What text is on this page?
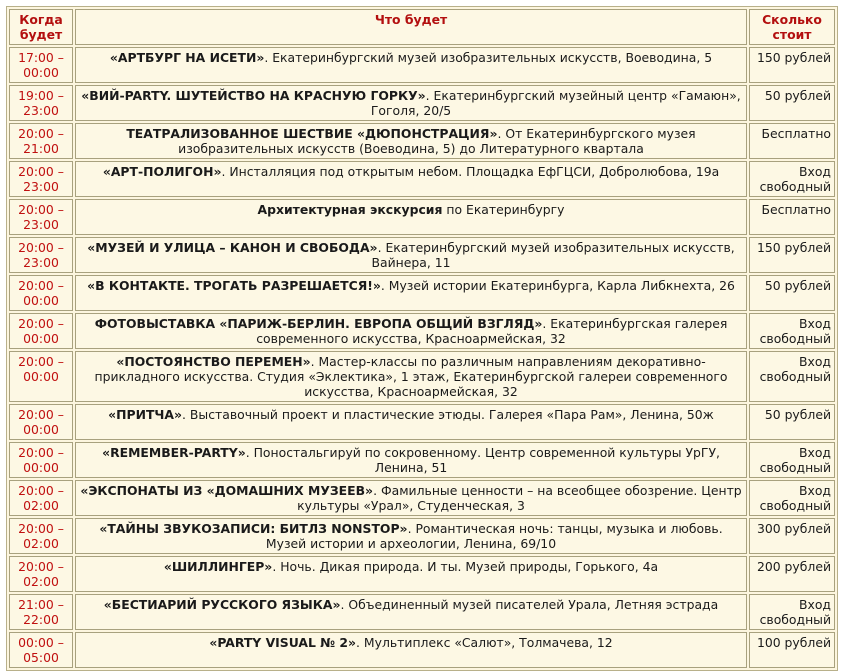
Когда будет	Что будет	Сколько стоит
17:00 – 00:00	«АРТБУРГ НА ИСЕТИ». Екатеринбургский музей изобразительных искусств, Воеводина, 5	150 рублей
19:00 – 23:00	«ВИЙ-PARTY. ШУТЕЙСТВО НА КРАСНУЮ ГОРКУ». Екатеринбургский музейный центр «Гамаюн», Гоголя, 20/5	50 рублей
20:00 – 21:00	ТЕАТРАЛИЗОВАННОЕ ШЕСТВИЕ «ДЮПОНСТРАЦИЯ». От Екатеринбургского музея изобразительных искусств (Воеводина, 5) до Литературного квартала	Бесплатно
20:00 – 23:00	«АРТ-ПОЛИГОН». Инсталляция под открытым небом. Площадка ЕфГЦСИ, Добролюбова, 19а	Вход свободный
20:00 – 23:00	Архитектурная экскурсия по Екатеринбургу	Бесплатно
20:00 – 23:00	«МУЗЕЙ И УЛИЦА – КАНОН И СВОБОДА». Екатеринбургский музей изобразительных искусств, Вайнера, 11	150 рублей
20:00 – 00:00	«В КОНТАКТЕ. ТРОГАТЬ РАЗРЕШАЕТСЯ!». Музей истории Екатеринбурга, Карла Либкнехта, 26	50 рублей
20:00 – 00:00	ФОТОВЫСТАВКА «ПАРИЖ-БЕРЛИН. ЕВРОПА ОБЩИЙ ВЗГЛЯД». Екатеринбургская галерея современного искусства, Красноармейская, 32	Вход свободный
20:00 – 00:00	«ПОСТОЯНСТВО ПЕРЕМЕН». Мастер-классы по различным направлениям декоративно-прикладного искусства. Студия «Эклектика», 1 этаж, Екатеринбургской галереи современного искусства, Красноармейская, 32	Вход свободный
20:00 – 00:00	«ПРИТЧА». Выставочный проект и пластические этюды. Галерея «Пара Рам», Ленина, 50ж	50 рублей
20:00 – 00:00	«REMEMBER-PARTY». Поностальгируй по сокровенному. Центр современной культуры УрГУ, Ленина, 51	Вход свободный
20:00 – 02:00	«ЭКСПОНАТЫ ИЗ «ДОМАШНИХ МУЗЕЕВ». Фамильные ценности – на всеобщее обозрение. Центр культуры «Урал», Студенческая, 3	Вход свободный
20:00 – 02:00	«ТАЙНЫ ЗВУКОЗАПИСИ: БИТЛЗ NONSTOP». Романтическая ночь: танцы, музыка и любовь. Музей истории и археологии, Ленина, 69/10	300 рублей
20:00 – 02:00	«ШИЛЛИНГЕР». Ночь. Дикая природа. И ты. Музей природы, Горького, 4а	200 рублей
21:00 – 22:00	«БЕСТИАРИЙ РУССКОГО ЯЗЫКА». Объединенный музей писателей Урала, Летняя эстрада	Вход свободный
00:00 – 05:00	«PARTY VISUAL № 2». Мультиплекс «Салют», Толмачева, 12	100 рублей
